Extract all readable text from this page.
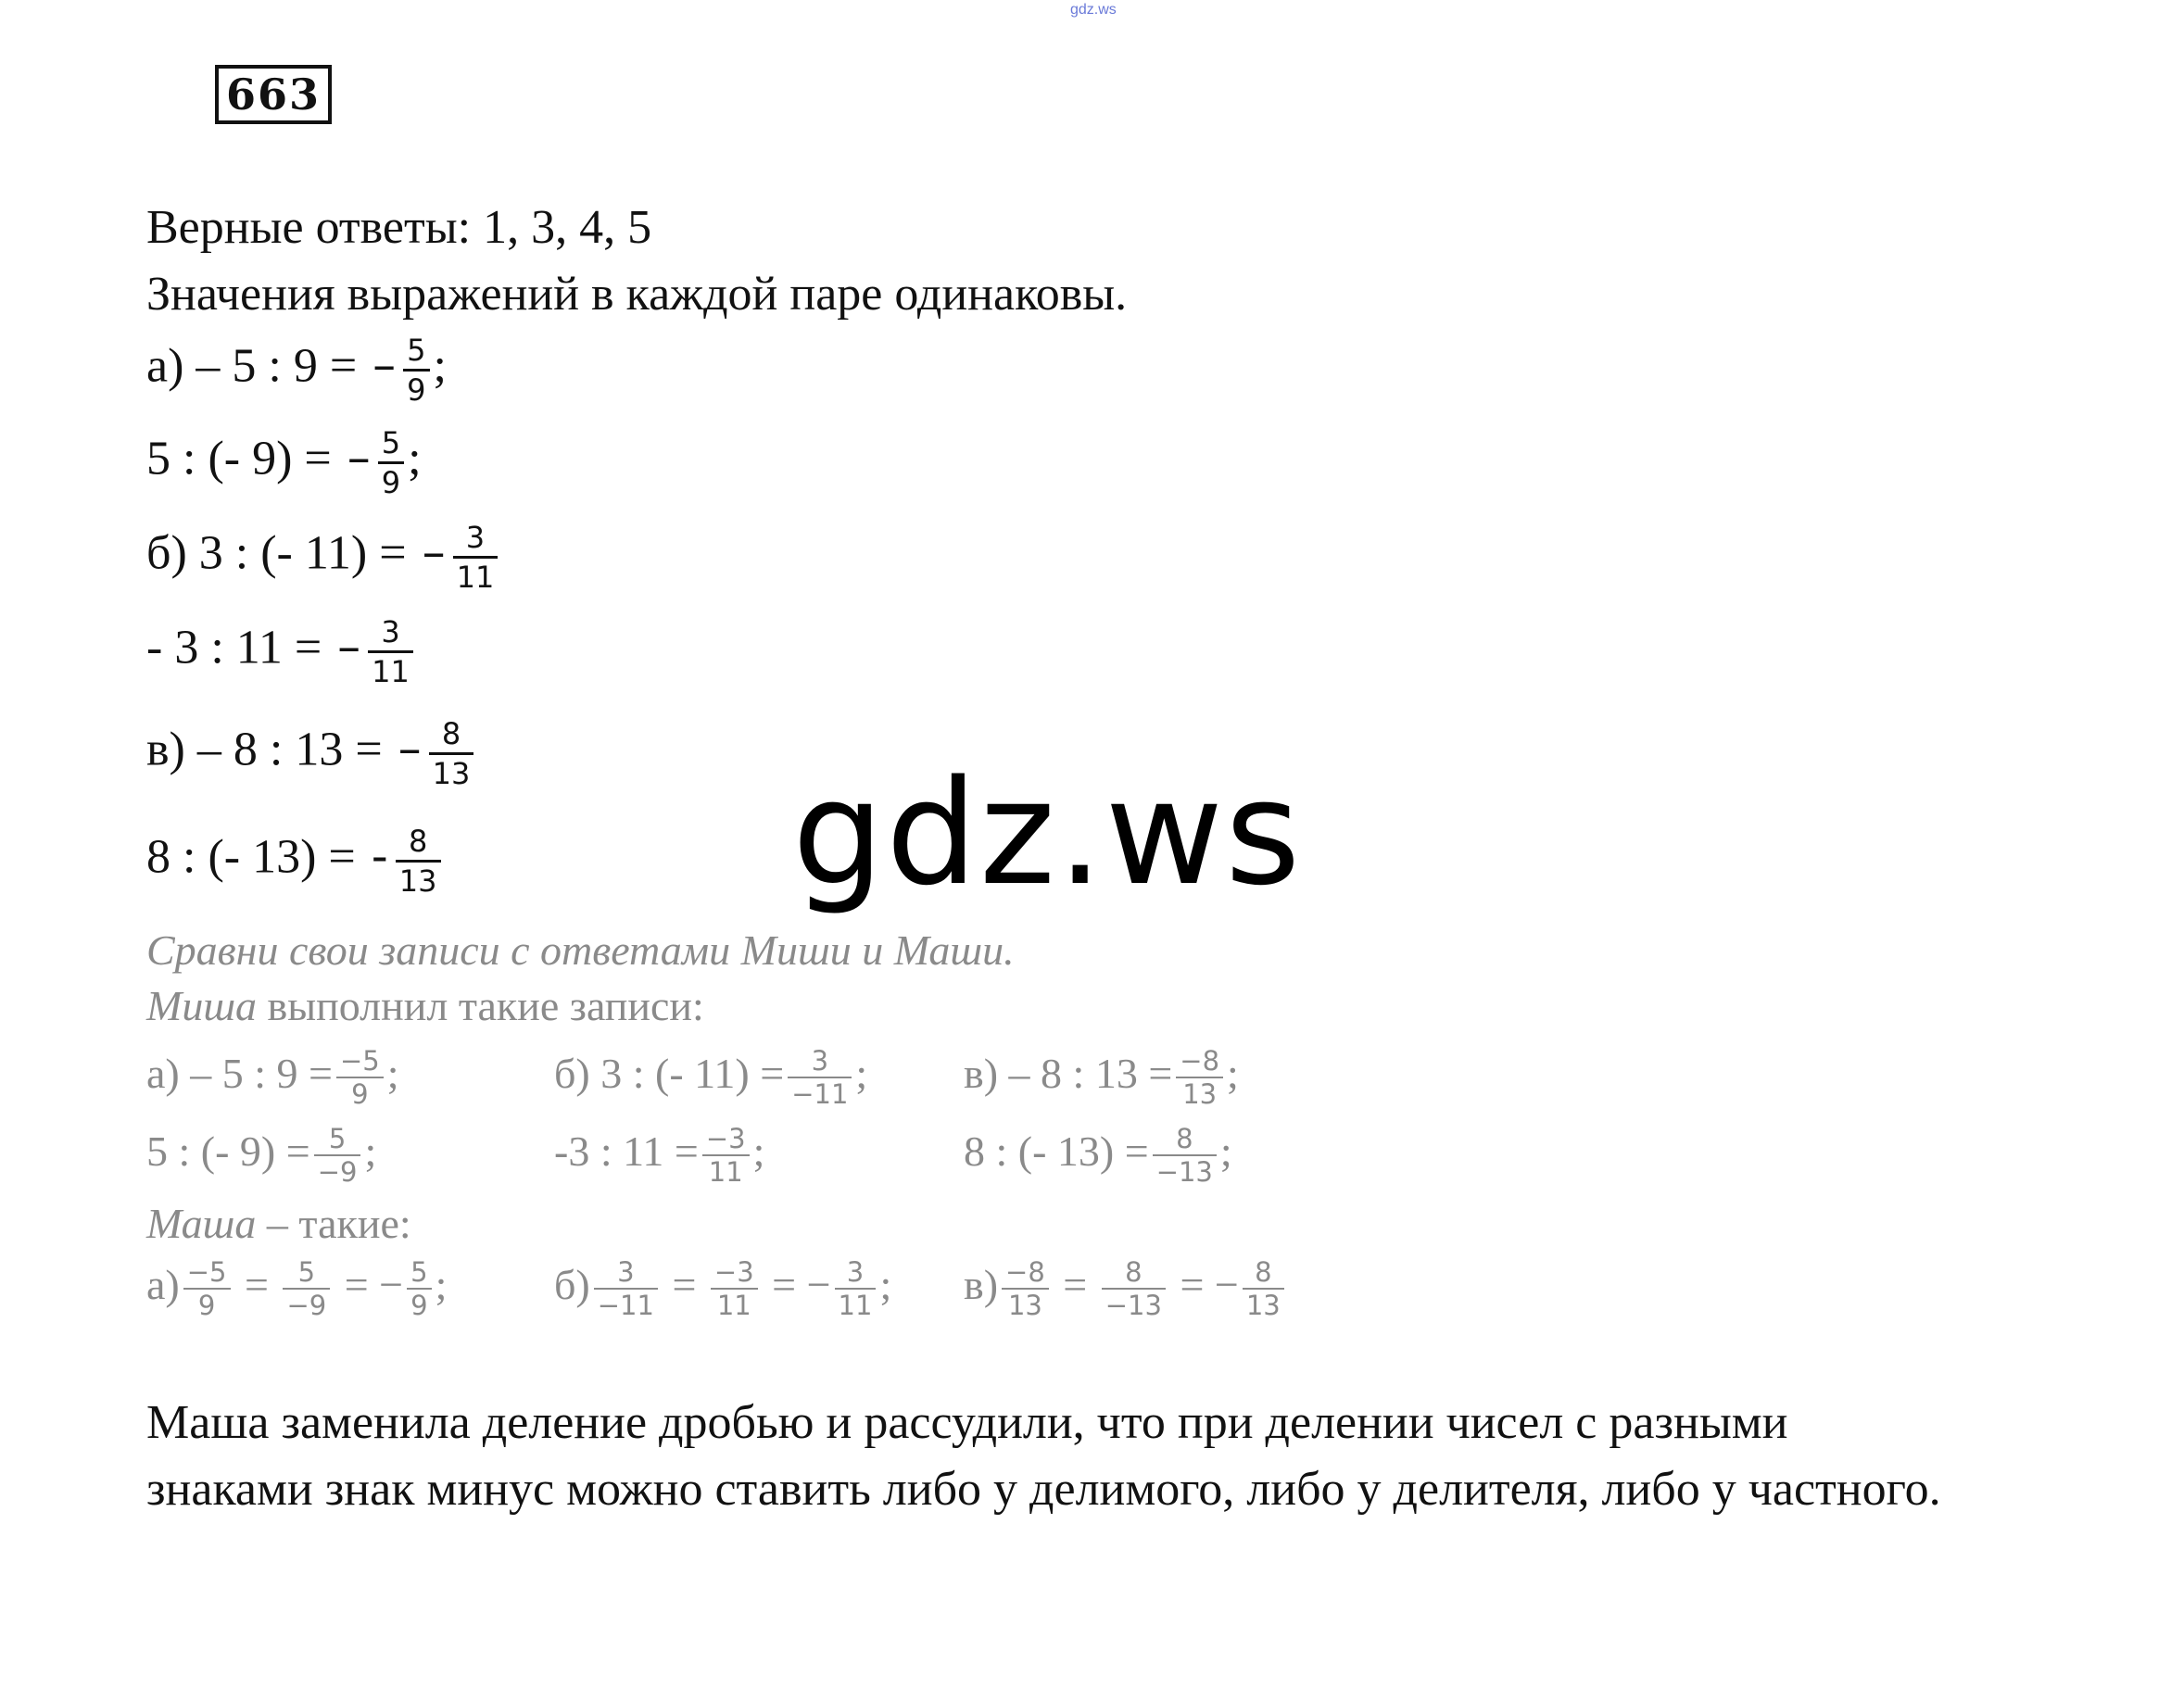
gdz.ws
663
Верные ответы: 1, 3, 4, 5
Значения выражений в каждой паре одинаковы.
а) – 5 : 9 = – $\frac{5}{9}$ ;
5 : (- 9) = – $\frac{5}{9}$ ;
б) 3 : (- 11) = – $\frac{3}{11}$
- 3 : 11 = – $\frac{3}{11}$
в) – 8 : 13 = – $\frac{8}{13}$
8 : (- 13) = - $\frac{8}{13} gdz.ws$
Сравни свои записи с ответами Миши и Маши.
Миша выполнил такие записи:
а) – 5 : $9 = \frac{-5}{9}$ ;	б) 3 : (- $11) = \frac{3}{-11}$ ; в) – 8 : $13 = \frac{-8}{13}$ ;
5 : (- $9) = \frac{5}{-9}$ ;	-3 : $11 = \frac{-3}{11}$ ;	8 : (- $13) = \frac{8}{-13}$ ;
Маша – такие:
$а) \frac{-5}{9} = \frac{5}{-9}$ = − $\frac{5}{9}$ ;	$б) \frac{3}{-11} = \frac{-3}{11}$ = − $\frac{3}{11}$ ; $в) \frac{-8}{13} = \frac{8}{-13}$ = − $\frac{8}{13}$
Маша заменила деление дробью и рассудили, что при делении чисел с разными знаками знак минус можно ставить либо у делимого, либо у делителя, либо у частного.
